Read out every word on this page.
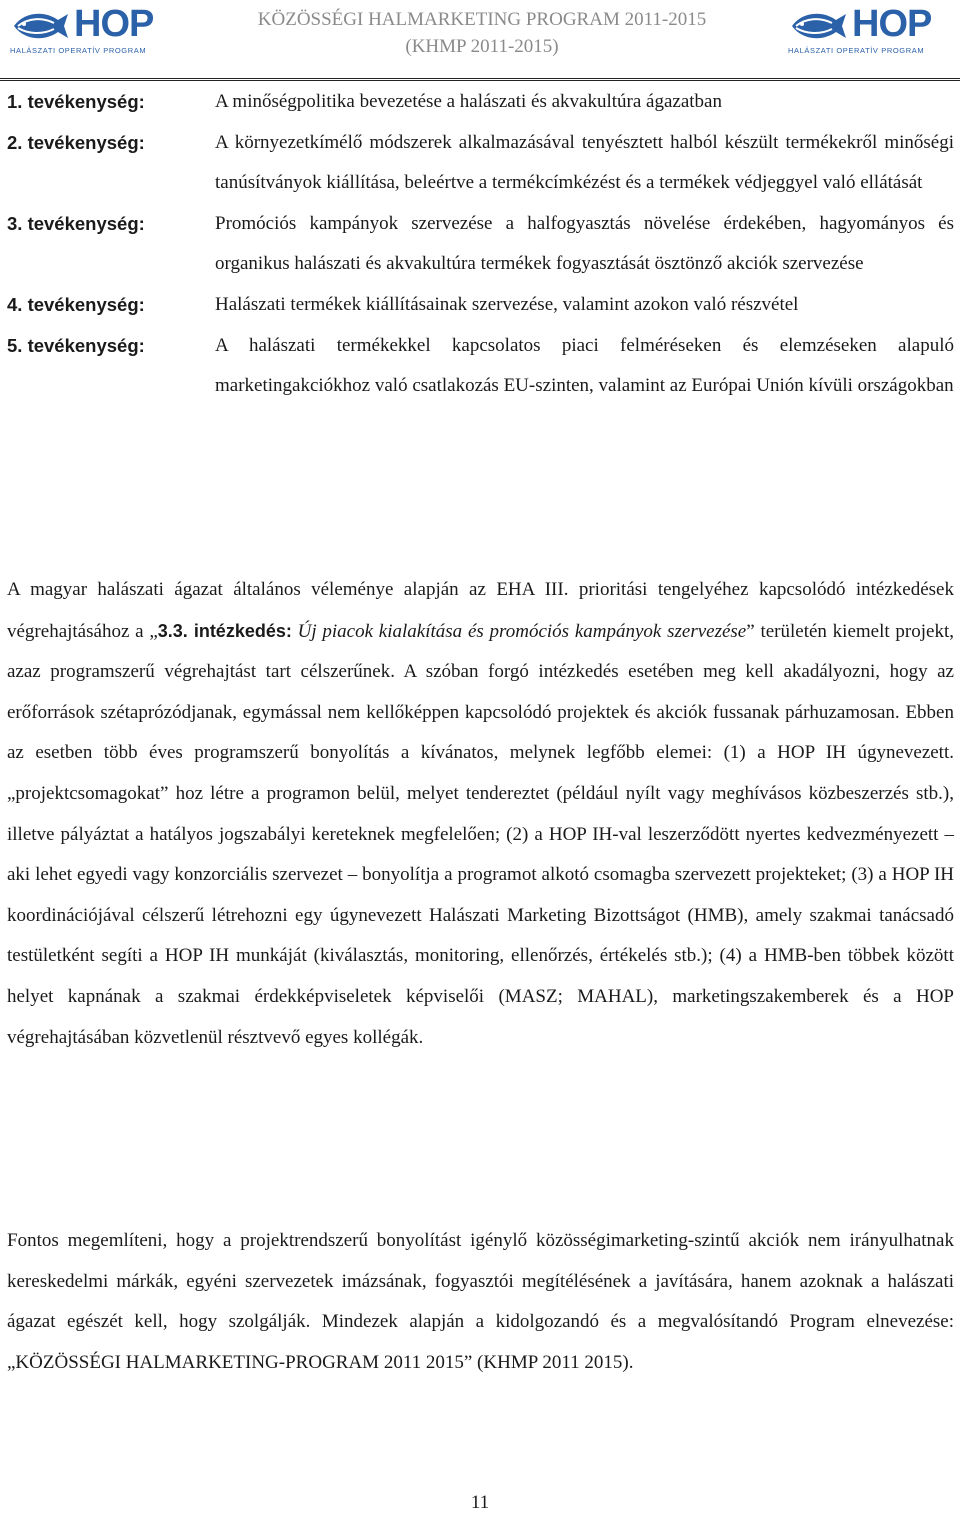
HOP
HALÁSZATI OPERATÍV PROGRAM
KÖZÖSSÉGI HALMARKETING PROGRAM 2011-2015
(KHMP 2011-2015)
HOP
HALÁSZATI OPERATÍV PROGRAM
1. tevékenység:	A minőségpolitika bevezetése a halászati és akvakultúra ágazatban
2. tevékenység:	A környezetkímélő módszerek alkalmazásával tenyésztett halból készült termékekről minőségi tanúsítványok kiállítása, beleértve a termékcímkézést és a termékek védjeggyel való ellátását
3. tevékenység:	Promóciós kampányok szervezése a halfogyasztás növelése érdekében, hagyományos és organikus halászati és akvakultúra termékek fogyasztását ösztönző akciók szervezése
4. tevékenység:	Halászati termékek kiállításainak szervezése, valamint azokon való részvétel
5. tevékenység:	A halászati termékekkel kapcsolatos piaci felméréseken és elemzéseken alapuló marketingakciókhoz való csatlakozás EU-szinten, valamint az Európai Unión kívüli országokban

A magyar halászati ágazat általános véleménye alapján az EHA III. prioritási tengelyéhez kapcsolódó intézkedések végrehajtásához a „3.3. intézkedés: Új piacok kialakítása és promóciós kampányok szervezése” területén kiemelt projekt, azaz programszerű végrehajtást tart célszerűnek. A szóban forgó intézkedés esetében meg kell akadályozni, hogy az erőforrások szétaprózódjanak, egymással nem kellőképpen kapcsolódó projektek és akciók fussanak párhuzamosan. Ebben az esetben több éves programszerű bonyolítás a kívánatos, melynek legfőbb elemei: (1) a HOP IH úgynevezett. „projektcsomagokat” hoz létre a programon belül, melyet tendereztet (például nyílt vagy meghívásos közbeszerzés stb.), illetve pályáztat a hatályos jogszabályi kereteknek megfelelően; (2) a HOP IH-val leszerződött nyertes kedvezményezett – aki lehet egyedi vagy konzorciális szervezet – bonyolítja a programot alkotó csomagba szervezett projekteket; (3) a HOP IH koordinációjával célszerű létrehozni egy úgynevezett Halászati Marketing Bizottságot (HMB), amely szakmai tanácsadó testületként segíti a HOP IH munkáját (kiválasztás, monitoring, ellenőrzés, értékelés stb.); (4) a HMB-ben többek között helyet kapnának a szakmai érdekképviseletek képviselői (MASZ; MAHAL), marketingszakemberek és a HOP végrehajtásában közvetlenül résztvevő egyes kollégák.

Fontos megemlíteni, hogy a projektrendszerű bonyolítást igénylő közösségimarketing-szintű akciók nem irányulhatnak kereskedelmi márkák, egyéni szervezetek imázsának, fogyasztói megítélésének a javítására, hanem azoknak a halászati ágazat egészét kell, hogy szolgálják. Mindezek alapján a kidolgozandó és a megvalósítandó Program elnevezése: „KÖZÖSSÉGI HALMARKETING-PROGRAM 2011 2015” (KHMP 2011 2015).

11
